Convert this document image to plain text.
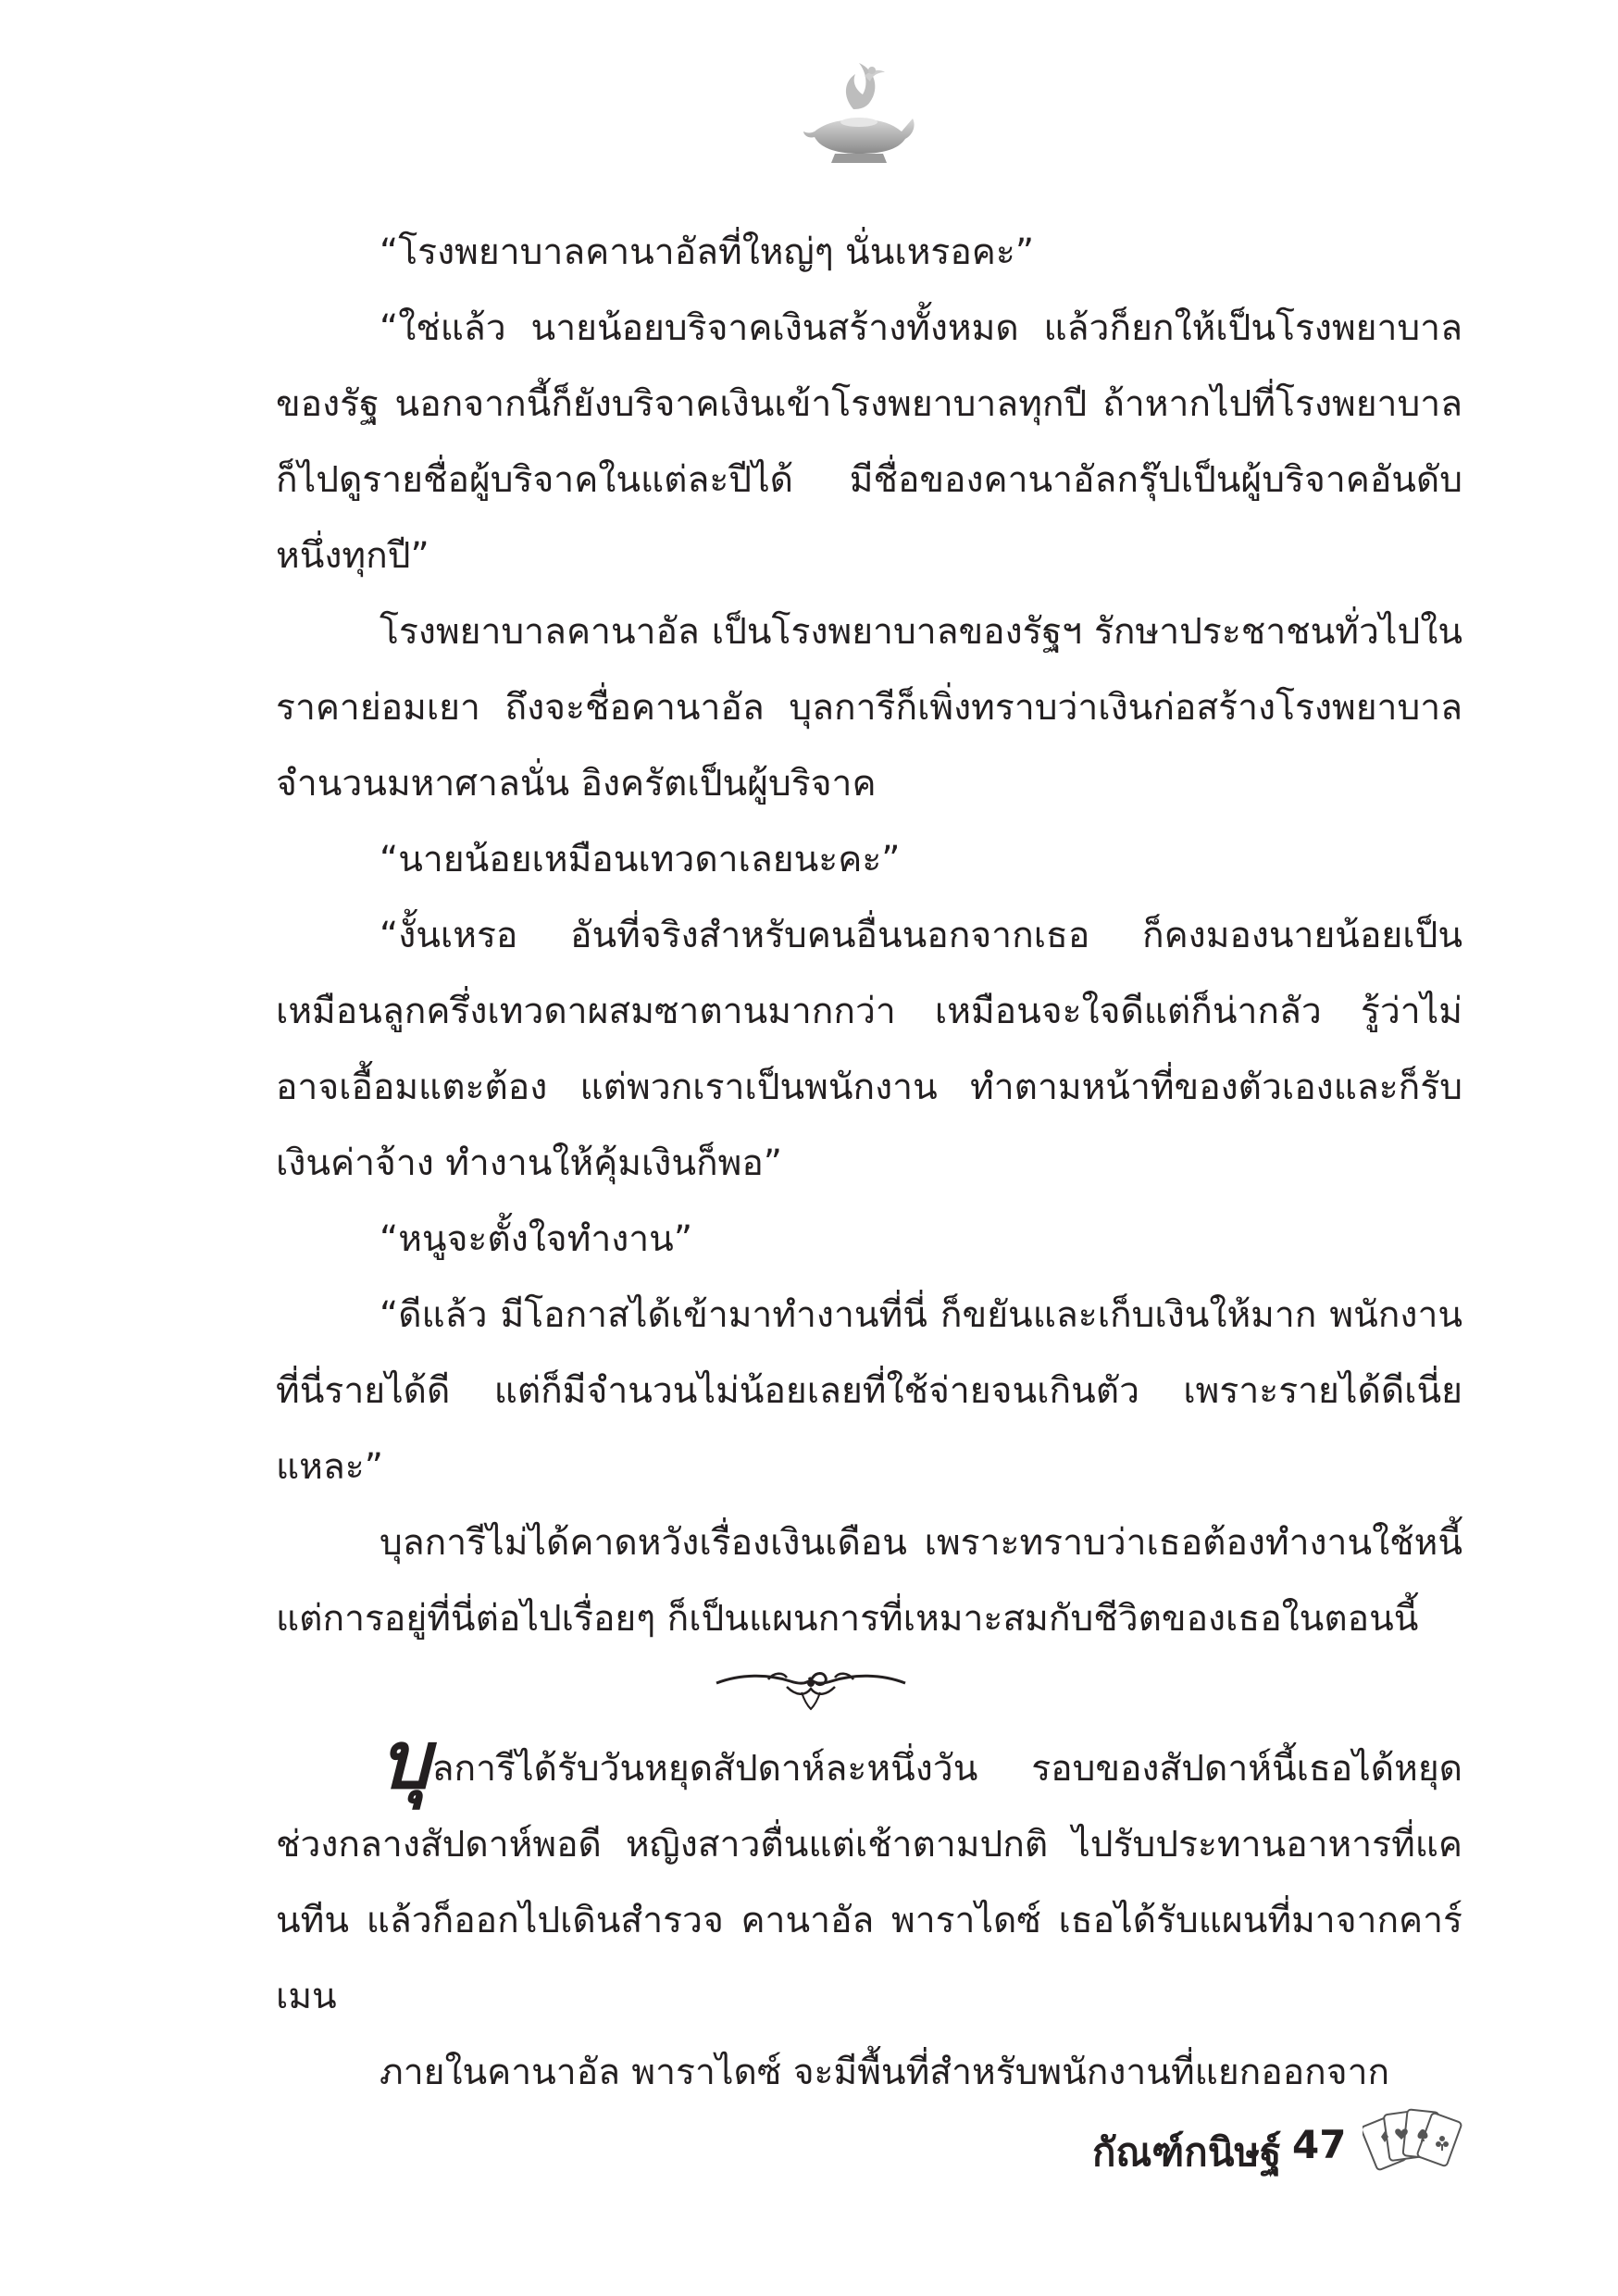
“โรงพยาบาลคานาอัลที่ใหญ่ๆ นั่นเหรอคะ”

“ใช่แล้ว นายน้อยบริจาคเงินสร้างทั้งหมด แล้วก็ยกให้เป็นโรงพยาบาลของรัฐ นอกจากนี้ก็ยังบริจาคเงินเข้าโรงพยาบาลทุกปี ถ้าหากไปที่โรงพยาบาลก็ไปดูรายชื่อผู้บริจาคในแต่ละปีได้ มีชื่อของคานาอัลกรุ๊ปเป็นผู้บริจาคอันดับหนึ่งทุกปี”

โรงพยาบาลคานาอัล เป็นโรงพยาบาลของรัฐฯ รักษาประชาชนทั่วไปในราคาย่อมเยา ถึงจะชื่อคานาอัล บุลการีก็เพิ่งทราบว่าเงินก่อสร้างโรงพยาบาลจำนวนมหาศาลนั่น อิงครัตเป็นผู้บริจาค

“นายน้อยเหมือนเทวดาเลยนะคะ”

“งั้นเหรอ อันที่จริงสำหรับคนอื่นนอกจากเธอ ก็คงมองนายน้อยเป็นเหมือนลูกครึ่งเทวดาผสมซาตานมากกว่า เหมือนจะใจดีแต่ก็น่ากลัว รู้ว่าไม่อาจเอื้อมแตะต้อง แต่พวกเราเป็นพนักงาน ทำตามหน้าที่ของตัวเองและก็รับเงินค่าจ้าง ทำงานให้คุ้มเงินก็พอ”

“หนูจะตั้งใจทำงาน”

“ดีแล้ว มีโอกาสได้เข้ามาทำงานที่นี่ ก็ขยันและเก็บเงินให้มาก พนักงานที่นี่รายได้ดี แต่ก็มีจำนวนไม่น้อยเลยที่ใช้จ่ายจนเกินตัว เพราะรายได้ดีเนี่ยแหละ”

บุลการีไม่ได้คาดหวังเรื่องเงินเดือน เพราะทราบว่าเธอต้องทำงานใช้หนี้ แต่การอยู่ที่นี่ต่อไปเรื่อยๆ ก็เป็นแผนการที่เหมาะสมกับชีวิตของเธอในตอนนี้

บุลการีได้รับวันหยุดสัปดาห์ละหนึ่งวัน รอบของสัปดาห์นี้เธอได้หยุดช่วงกลางสัปดาห์พอดี หญิงสาวตื่นแต่เช้าตามปกติ ไปรับประทานอาหารที่แคนทีน แล้วก็ออกไปเดินสำรวจ คานาอัล พาราไดซ์ เธอได้รับแผนที่มาจากคาร์เมน

ภายในคานาอัล พาราไดซ์ จะมีพื้นที่สำหรับพนักงานที่แยกออกจาก

กัณฑ์กนิษฐ์ 47
